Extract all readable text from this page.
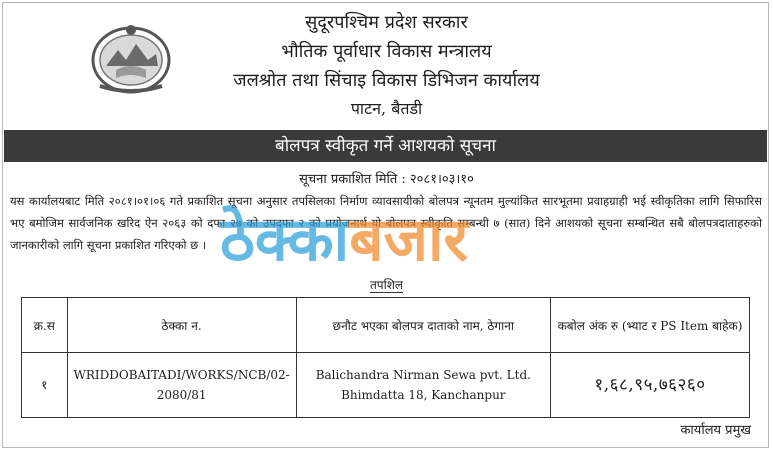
सुदूरपश्चिम प्रदेश सरकार
भौतिक पूर्वाधार विकास मन्त्रालय
जलश्रोत तथा सिंचाइ विकास डिभिजन कार्यालय
पाटन, बैतडी
बोलपत्र स्वीकृत गर्ने आशयको सूचना
सूचना प्रकाशित मिति : २०८१।०३।१०
यस कार्यालयबाट मिति २०८१।०१।०६ गते प्रकाशित सूचना अनुसार तपसिलका निर्माण व्यावसायीको बोलपत्र न्यूनतम मुल्यांकित सारभूतमा प्रवाहग्राही भई स्वीकृतिका लागि सिफारिस भए बमोजिम सार्वजनिक खरिद ऐन २०६३ को दफा २७ को उपदफा २ को प्रयोजनार्थ यो बोलपत्र स्वीकृति सम्बन्धी ७ (सात) दिने आशयको सूचना सम्बन्धित सबै बोलपत्रदाताहरुको जानकारीको लागि सूचना प्रकाशित गरिएको छ । ठेक्काबजार
तपशिल
क्र.स	ठेक्का न.	छनौट भएका बोलपत्र दाताको नाम, ठेगाना	कबोल अंक रु (भ्याट र PS Item बाहेक)
१	WRIDDOBAITADI/WORKS/NCB/02-2080/81	Balichandra Nirman Sewa pvt. Ltd. Bhimdatta 18, Kanchanpur	१,६८,९५,७६२६०
कार्यालय प्रमुख
